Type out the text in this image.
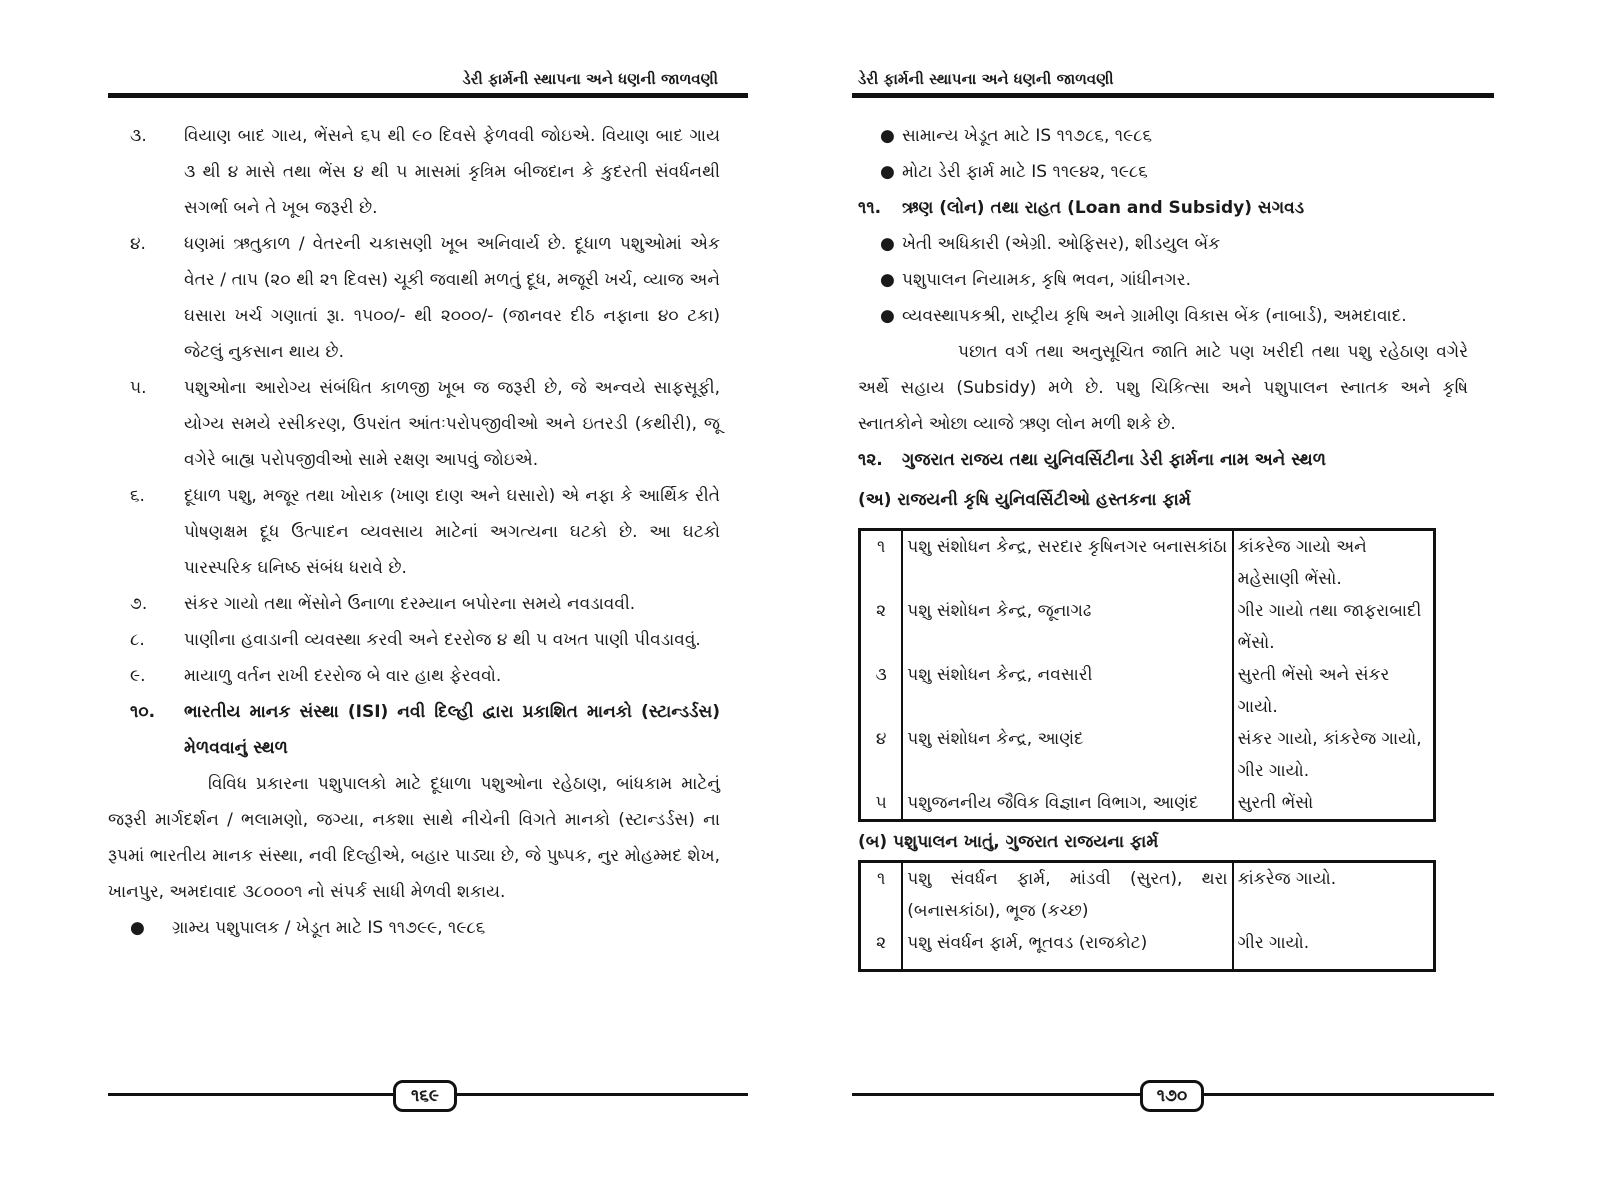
ડેરી ફાર્મની સ્થાપના અને ધણની જાળવણી
૩.	વિયાણ બાદ ગાય, ભેંસને ૬૫ થી ૯૦ દિવસે ફેળવવી જોઇએ. વિયાણ બાદ ગાય ૩ થી ૪ માસે તથા ભેંસ ૪ થી ૫ માસમાં કૃત્રિમ બીજદાન કે કુદરતી સંવર્ધનથી સગર્ભા બને તે ખૂબ જરૂરી છે.
૪.	ધણમાં ઋતુકાળ / વેતરની ચકાસણી ખૂબ અનિવાર્ય છે. દૂધાળ પશુઓમાં એક વેતર / તાપ (૨૦ થી ૨૧ દિવસ) ચૂકી જવાથી મળતું દૂધ, મજૂરી ખર્ચ, વ્યાજ અને ઘસારા ખર્ચ ગણાતાં રૂા. ૧૫૦૦/- થી ૨૦૦૦/- (જાનવર દીઠ નફાના ૪૦ ટકા) જેટલું નુકસાન થાય છે.
૫.	પશુઓના આરોગ્ય સંબંધિત કાળજી ખૂબ જ જરૂરી છે, જે અન્વયે સાફસૂફી, યોગ્ય સમયે રસીકરણ, ઉપરાંત આંતઃપરોપજીવીઓ અને ઇતરડી (કથીરી), જૂ વગેરે બાહ્ય પરોપજીવીઓ સામે રક્ષણ આપવું જોઇએ.
૬.	દૂધાળ પશુ, મજૂર તથા ખોરાક (ખાણ દાણ અને ઘસારો) એ નફા કે આર્થિક રીતે પોષણક્ષમ દૂધ ઉત્પાદન વ્યવસાય માટેનાં અગત્યના ઘટકો છે. આ ઘટકો પારસ્પરિક ઘનિષ્ઠ સંબંધ ધરાવે છે.
૭.	સંકર ગાયો તથા ભેંસોને ઉનાળા દરમ્યાન બપોરના સમયે નવડાવવી.
૮.	પાણીના હવાડાની વ્યવસ્થા કરવી અને દરરોજ ૪ થી ૫ વખત પાણી પીવડાવવું.
૯.	માયાળુ વર્તન રાખી દરરોજ બે વાર હાથ ફેરવવો.
૧૦.	ભારતીય માનક સંસ્થા (ISI) નવી દિલ્હી દ્વારા પ્રકાશિત માનકો (સ્ટાન્ડર્ડસ) મેળવવાનું સ્થળ
વિવિધ પ્રકારના પશુપાલકો માટે દૂધાળા પશુઓના રહેઠાણ, બાંધકામ માટેનું જરૂરી માર્ગદર્શન / ભલામણો, જગ્યા, નકશા સાથે નીચેની વિગતે માનકો (સ્ટાન્ડર્ડસ) ના રૂપમાં ભારતીય માનક સંસ્થા, નવી દિલ્હીએ, બહાર પાડ્યા છે, જે પુષ્પક, નુર મોહમ્મદ શેખ, ખાનપુર, અમદાવાદ ૩૮૦૦૦૧ નો સંપર્ક સાધી મેળવી શકાય.
●	ગ્રામ્ય પશુપાલક / ખેડૂત માટે IS ૧૧૭૯૯, ૧૯૮૬
૧૬૯
ડેરી ફાર્મની સ્થાપના અને ધણની જાળવણી
● સામાન્ય ખેડૂત માટે IS ૧૧૭૮૬, ૧૯૮૬
● મોટા ડેરી ફાર્મ માટે IS ૧૧૯૪૨, ૧૯૮૬
૧૧.	ઋણ (લોન) તથા રાહત (Loan and Subsidy) સગવડ
● ખેતી અધિકારી (એગ્રી. ઓફિસર), શીડયુલ બેંક
● પશુપાલન નિયામક, કૃષિ ભવન, ગાંધીનગર.
● વ્યવસ્થાપકશ્રી, રાષ્ટ્રીય કૃષિ અને ગ્રામીણ વિકાસ બેંક (નાબાર્ડ), અમદાવાદ.
પછાત વર્ગ તથા અનુસૂચિત જાતિ માટે પણ ખરીદી તથા પશુ રહેઠાણ વગેરે અર્થે સહાય (Subsidy) મળે છે. પશુ ચિકિત્સા અને પશુપાલન સ્નાતક અને કૃષિ સ્નાતકોને ઓછા વ્યાજે ઋણ લોન મળી શકે છે.
૧૨.	ગુજરાત રાજય તથા યુનિવર્સિટીના ડેરી ફાર્મના નામ અને સ્થળ
(અ) રાજયની કૃષિ યુનિવર્સિટીઓ હસ્તકના ફાર્મ
૧	પશુ સંશોધન કેન્દ્ર, સરદાર કૃષિનગર બનાસકાંઠા	કાંકરેજ ગાયો અને મહેસાણી ભેંસો.
૨	પશુ સંશોધન કેન્દ્ર, જૂનાગઢ	ગીર ગાયો તથા જાફરાબાદી ભેંસો.
૩	પશુ સંશોધન કેન્દ્ર, નવસારી	સુરતી ભેંસો અને સંકર ગાયો.
૪	પશુ સંશોધન કેન્દ્ર, આણંદ	સંકર ગાયો, કાંકરેજ ગાયો, ગીર ગાયો.
૫	પશુજનનીય જૈવિક વિજ્ઞાન વિભાગ, આણંદ	સુરતી ભેંસો
(બ) પશુપાલન ખાતું, ગુજરાત રાજયના ફાર્મ
૧	પશુ સંવર્ધન ફાર્મ, માંડવી (સુરત), થરા (બનાસકાંઠા), ભૂજ (કચ્છ)	કાંકરેજ ગાયો.
૨	પશુ સંવર્ધન ફાર્મ, ભૂતવડ (રાજકોટ)	ગીર ગાયો.
૧૭૦
